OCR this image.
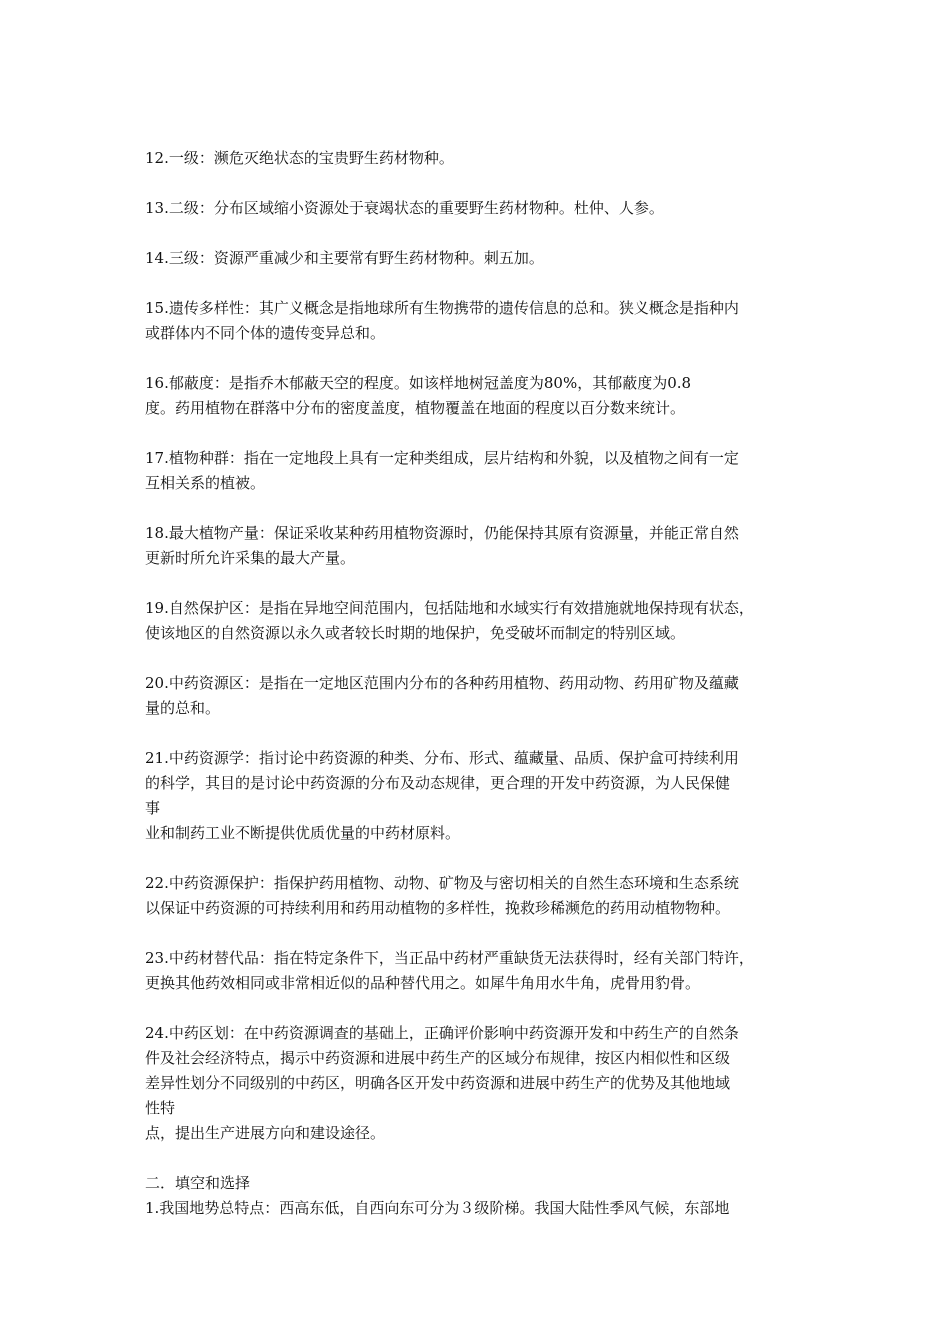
12.一级：濒危灭绝状态的宝贵野生药材物种。
13.二级：分布区域缩小资源处于衰竭状态的重要野生药材物种。杜仲、人参。
14.三级：资源严重减少和主要常有野生药材物种。刺五加。
15.遗传多样性：其广义概念是指地球所有生物携带的遗传信息的总和。狭义概念是指种内
或群体内不同个体的遗传变异总和。
16.郁蔽度：是指乔木郁蔽天空的程度。如该样地树冠盖度为80%，其郁蔽度为0.8
度。药用植物在群落中分布的密度盖度，植物覆盖在地面的程度以百分数来统计。
17.植物种群：指在一定地段上具有一定种类组成，层片结构和外貌，以及植物之间有一定
互相关系的植被。
18.最大植物产量：保证采收某种药用植物资源时，仍能保持其原有资源量，并能正常自然
更新时所允许采集的最大产量。
19.自然保护区：是指在异地空间范围内，包括陆地和水域实行有效措施就地保持现有状态，
使该地区的自然资源以永久或者较长时期的地保护，免受破坏而制定的特别区域。
20.中药资源区：是指在一定地区范围内分布的各种药用植物、药用动物、药用矿物及蕴藏
量的总和。
21.中药资源学：指讨论中药资源的种类、分布、形式、蕴藏量、品质、保护盒可持续利用
的科学，其目的是讨论中药资源的分布及动态规律，更合理的开发中药资源，为人民保健
事
业和制药工业不断提供优质优量的中药材原料。
22.中药资源保护：指保护药用植物、动物、矿物及与密切相关的自然生态环境和生态系统
以保证中药资源的可持续利用和药用动植物的多样性，挽救珍稀濒危的药用动植物物种。
23.中药材替代品：指在特定条件下，当正品中药材严重缺货无法获得时，经有关部门特许，
更换其他药效相同或非常相近似的品种替代用之。如犀牛角用水牛角，虎骨用豹骨。
24.中药区划：在中药资源调查的基础上，正确评价影响中药资源开发和中药生产的自然条
件及社会经济特点，揭示中药资源和进展中药生产的区域分布规律，按区内相似性和区级
差异性划分不同级别的中药区，明确各区开发中药资源和进展中药生产的优势及其他地域
性特
点，提出生产进展方向和建设途径。
二．填空和选择
1.我国地势总特点：西高东低，自西向东可分为３级阶梯。我国大陆性季风气候，东部地
